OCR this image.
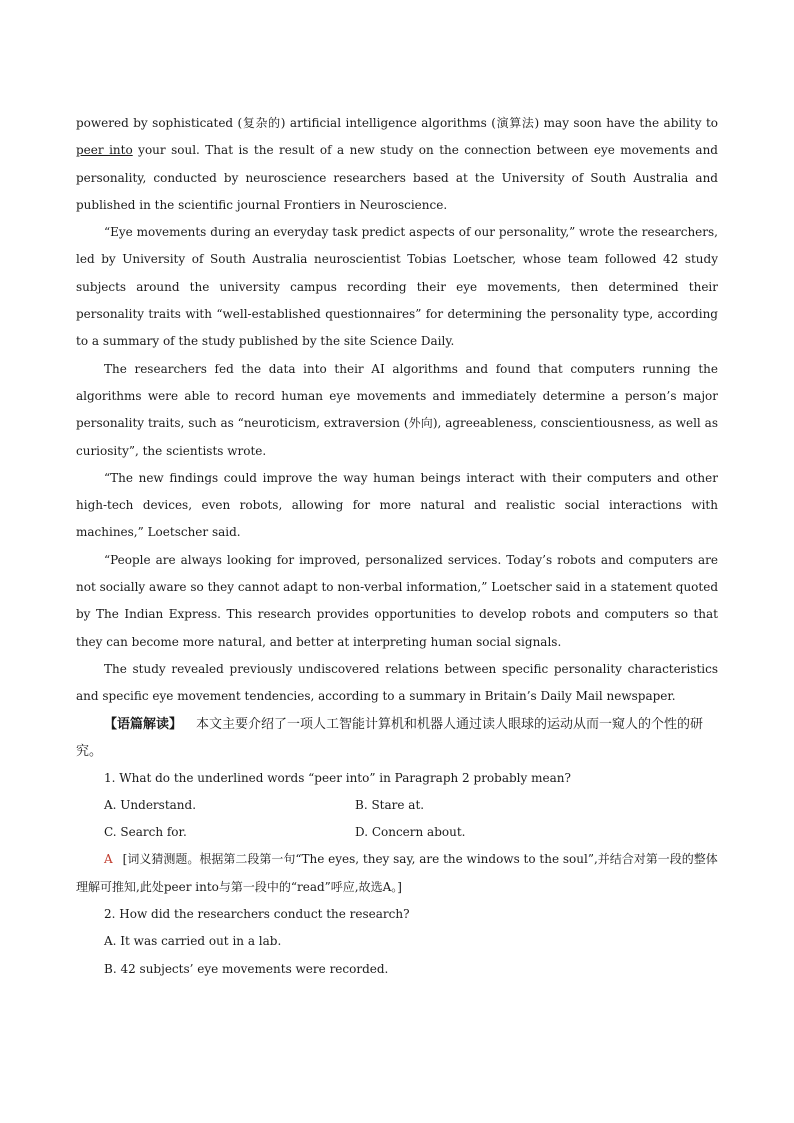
powered by sophisticated (复杂的) artificial intelligence algorithms (演算法) may soon have the ability to peer into your soul. That is the result of a new study on the connection between eye movements and personality, conducted by neuroscience researchers based at the University of South Australia and published in the scientific journal Frontiers in Neuroscience.

“Eye movements during an everyday task predict aspects of our personality,” wrote the researchers, led by University of South Australia neuroscientist Tobias Loetscher, whose team followed 42 study subjects around the university campus recording their eye movements, then determined their personality traits with “well-established questionnaires” for determining the personality type, according to a summary of the study published by the site Science Daily.

The researchers fed the data into their AI algorithms and found that computers running the algorithms were able to record human eye movements and immediately determine a person’s major personality traits, such as “neuroticism, extraversion (外向), agreeableness, conscientiousness, as well as curiosity”, the scientists wrote.

“The new findings could improve the way human beings interact with their computers and other high-tech devices, even robots, allowing for more natural and realistic social interactions with machines,” Loetscher said.

“People are always looking for improved, personalized services. Today’s robots and computers are not socially aware so they cannot adapt to non-verbal information,” Loetscher said in a statement quoted by The Indian Express. This research provides opportunities to develop robots and computers so that they can become more natural, and better at interpreting human social signals.

The study revealed previously undiscovered relations between specific personality characteristics and specific eye movement tendencies, according to a summary in Britain’s Daily Mail newspaper.

【语篇解读】 本文主要介绍了一项人工智能计算机和机器人通过读人眼球的运动从而一窥人的个性的研究。

1. What do the underlined words “peer into” in Paragraph 2 probably mean?

A. Understand.	B. Stare at.
C. Search for.	D. Concern about.

A [词义猜测题。根据第二段第一句“The eyes, they say, are the windows to the soul”,并结合对第一段的整体理解可推知,此处peer into与第一段中的“read”呼应,故选A。]

2. How did the researchers conduct the research?

A. It was carried out in a lab.

B. 42 subjects’ eye movements were recorded.
